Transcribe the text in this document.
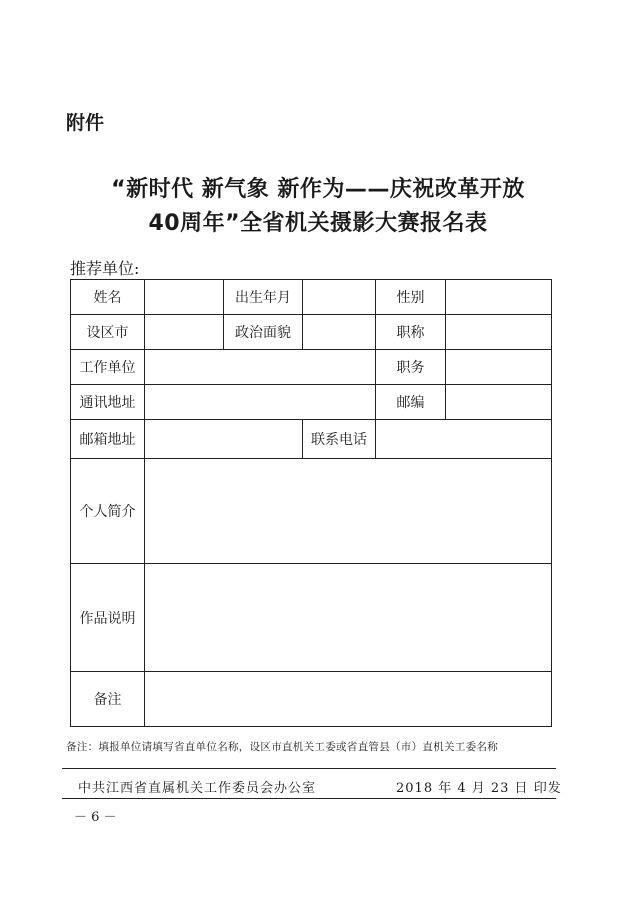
附件
“新时代 新气象 新作为——庆祝改革开放
40周年”全省机关摄影大赛报名表
推荐单位:
姓名		出生年月		性别	
设区市		政治面貌		职称	
工作单位				职务	
通讯地址				邮编	
邮箱地址			联系电话		
个人简介					
作品说明					
备注					
备注：填报单位请填写省直单位名称，设区市直机关工委或省直管县（市）直机关工委名称
中共江西省直属机关工作委员会办公室	2018 年 4 月 23 日 印发
－ 6 －
